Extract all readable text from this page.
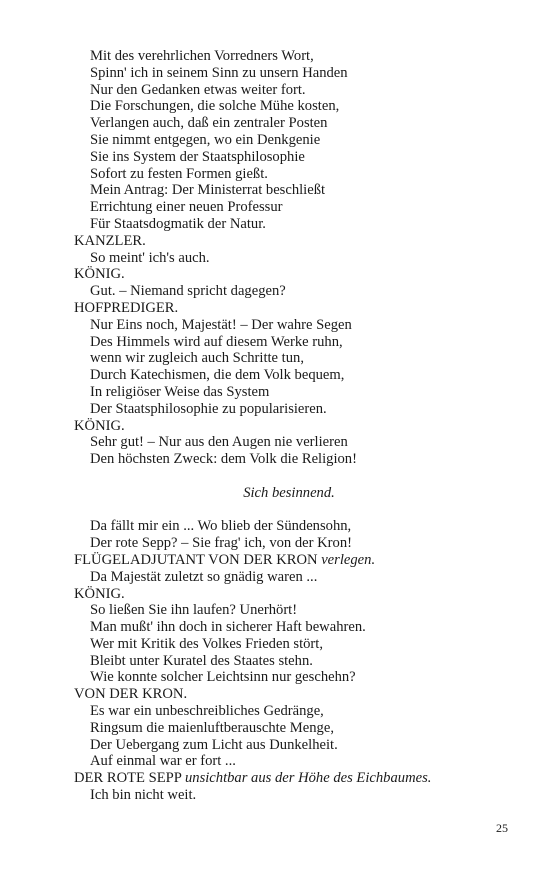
Mit des verehrlichen Vorredners Wort,
Spinn' ich in seinem Sinn zu unsern Handen
Nur den Gedanken etwas weiter fort.
Die Forschungen, die solche Mühe kosten,
Verlangen auch, daß ein zentraler Posten
Sie nimmt entgegen, wo ein Denkgenie
Sie ins System der Staatsphilosophie
Sofort zu festen Formen gießt.
Mein Antrag: Der Ministerrat beschließt
Errichtung einer neuen Professur
Für Staatsdogmatik der Natur.
KANZLER.
So meint' ich's auch.
KÖNIG.
Gut. – Niemand spricht dagegen?
HOFPREDIGER.
Nur Eins noch, Majestät! – Der wahre Segen
Des Himmels wird auf diesem Werke ruhn,
wenn wir zugleich auch Schritte tun,
Durch Katechismen, die dem Volk bequem,
In religiöser Weise das System
Der Staatsphilosophie zu popularisieren.
KÖNIG.
Sehr gut! – Nur aus den Augen nie verlieren
Den höchsten Zweck: dem Volk die Religion!
Sich besinnend.
Da fällt mir ein ... Wo blieb der Sündensohn,
Der rote Sepp? – Sie frag' ich, von der Kron!
FLÜGELADJUTANT VON DER KRON verlegen.
Da Majestät zuletzt so gnädig waren ...
KÖNIG.
So ließen Sie ihn laufen? Unerhört!
Man mußt' ihn doch in sicherer Haft bewahren.
Wer mit Kritik des Volkes Frieden stört,
Bleibt unter Kuratel des Staates stehn.
Wie konnte solcher Leichtsinn nur geschehn?
VON DER KRON.
Es war ein unbeschreibliches Gedränge,
Ringsum die maienluftberauschte Menge,
Der Uebergang zum Licht aus Dunkelheit.
Auf einmal war er fort ...
DER ROTE SEPP unsichtbar aus der Höhe des Eichbaumes.
Ich bin nicht weit.
25
